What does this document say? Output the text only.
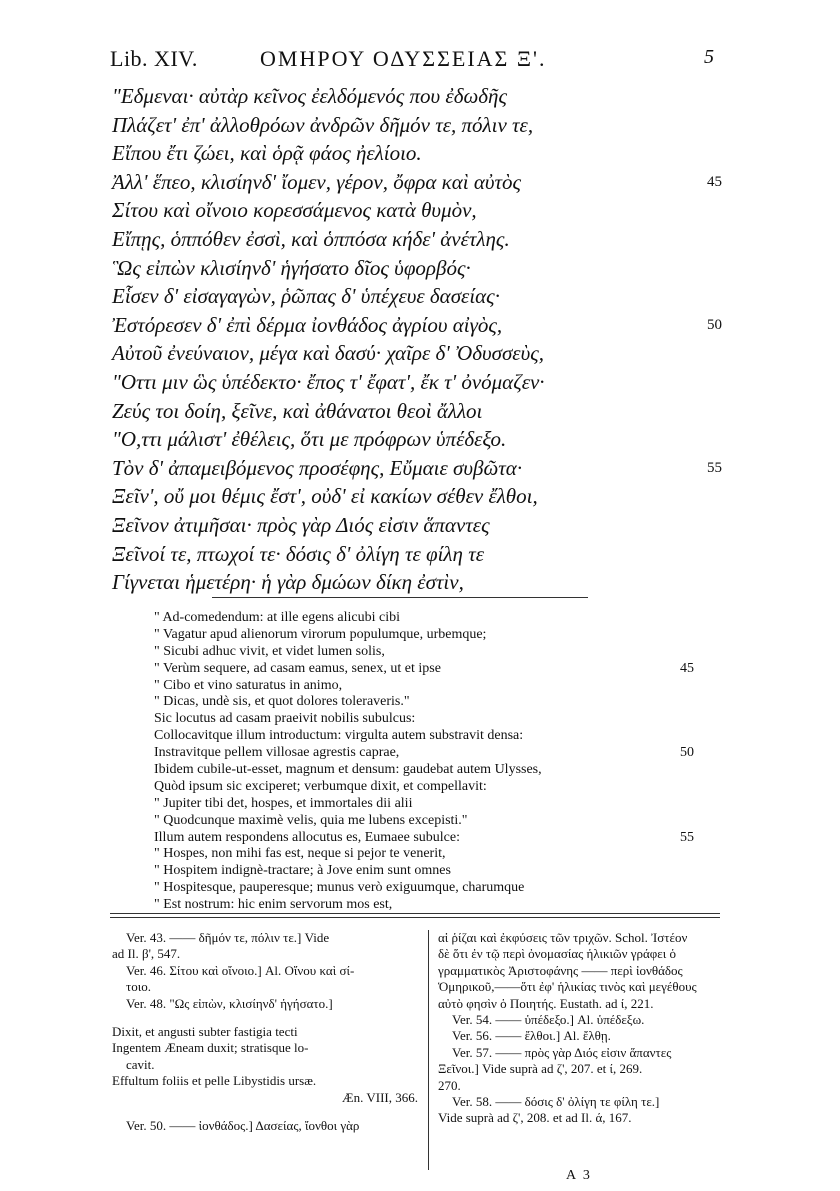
Lib. XIV.	ΟΜΗΡΟΥ ΟΔΥΣΣΕΙΑΣ Ξ'.	5
"Εδμεναι· αὐτὰρ κεῖνος ἐελδόμενός που ἐδωδῆς
Πλάζετ' ἐπ' ἀλλοθρόων ἀνδρῶν δῆμόν τε, πόλιν τε,
Εἴπου ἔτι ζώει, καὶ ὁρᾷ φάος ἠελίοιο.
Ἀλλ' ἕπεο, κλισίηνδ' ἴομεν, γέρον, ὄφρα καὶ αὐτὸς	45
Σίτου καὶ οἴνοιο κορεσσάμενος κατὰ θυμὸν,
Εἴπῃς, ὁππόθεν ἐσσὶ, καὶ ὁππόσα κήδε' ἀνέτλης.
Ὣς εἰπὼν κλισίηνδ' ἡγήσατο δῖος ὑφορβός·
Εἷσεν δ' εἰσαγαγὼν, ῥῶπας δ' ὑπέχευε δασείας·
Ἐστόρεσεν δ' ἐπὶ δέρμα ἰονθάδος ἀγρίου αἰγὸς,	50
Αὐτοῦ ἐνεύναιον, μέγα καὶ δασύ· χαῖρε δ' Ὀδυσσεὺς,
"Οττι μιν ὣς ὑπέδεκτο· ἔπος τ' ἔφατ', ἔκ τ' ὀνόμαζεν·
Ζεύς τοι δοίη, ξεῖνε, καὶ ἀθάνατοι θεοὶ ἄλλοι
"Ο,ττι μάλιστ' ἐθέλεις, ὅτι με πρόφρων ὑπέδεξο.
Τὸν δ' ἀπαμειβόμενος προσέφης, Εὔμαιε συβῶτα·	55
Ξεῖν', οὔ μοι θέμις ἔστ', οὐδ' εἰ κακίων σέθεν ἔλθοι,
Ξεῖνον ἀτιμῆσαι· πρὸς γὰρ Διός εἰσιν ἅπαντες
Ξεῖνοί τε, πτωχοί τε· δόσις δ' ὀλίγη τε φίλη τε
Γίγνεται ἡμετέρη· ἡ γὰρ δμώων δίκη ἐστὶν,
" Ad-comedendum: at ille egens alicubi cibi
" Vagatur apud alienorum virorum populumque, urbemque;
" Sicubi adhuc vivit, et videt lumen solis,
" Verùm sequere, ad casam eamus, senex, ut et ipse	45
" Cibo et vino saturatus in animo,
" Dicas, undè sis, et quot dolores toleraveris."
Sic locutus ad casam praeivit nobilis subulcus:
Collocavitque illum introductum: virgulta autem substravit densa:
Instravitque pellem villosae agrestis caprae,	50
Ibidem cubile-ut-esset, magnum et densum: gaudebat autem Ulysses,
Quòd ipsum sic exciperet; verbumque dixit, et compellavit:
" Jupiter tibi det, hospes, et immortales dii alii
" Quodcunque maximè velis, quia me lubens excepisti."
Illum autem respondens allocutus es, Eumaee subulce:	55
" Hospes, non mihi fas est, neque si pejor te venerit,
" Hospitem indignè-tractare; à Jove enim sunt omnes
" Hospitesque, pauperesque; munus verò exiguumque, charumque
" Est nostrum: hic enim servorum mos est,
Ver. 43. —— δῆμόν τε, πόλιν τε.] Vide
ad Il. β', 547.
Ver. 46. Σίτου καὶ οἴνοιο.] Al. Οἴνου καὶ σί-
τοιο.
Ver. 48. "Ως εἰπὼν, κλισίηνδ' ἡγήσατο.]
Dixit, et angusti subter fastigia tecti
Ingentem Æneam duxit; stratisque lo-
cavit.
Effultum foliis et pelle Libystidis ursæ.
Æn. VIII, 366.
Ver. 50. —— ἰονθάδος.] Δασείας, ἴονθοι γὰρ
αἱ ῥίζαι καὶ ἐκφύσεις τῶν τριχῶν. Schol. Ἰστέον
δὲ ὅτι ἐν τῷ περὶ ὀνομασίας ἡλικιῶν γράφει ὁ
γραμματικὸς Ἀριστοφάνης —— περὶ ἰονθάδος
Ὁμηρικοῦ,——ὅτι ἐφ' ἡλικίας τινὸς καὶ μεγέθους
αὐτὸ φησὶν ὁ Ποιητής. Eustath. ad ί, 221.
Ver. 54. —— ὑπέδεξο.] Al. ὑπέδεξω.
Ver. 56. —— ἔλθοι.] Al. ἔλθῃ.
Ver. 57. —— πρὸς γὰρ Διός εἰσιν ἅπαντες
Ξεῖνοι.] Vide suprà ad ζ', 207. et ί, 269.
270.
Ver. 58. —— δόσις δ' ὀλίγη τε φίλη τε.]
Vide suprà ad ζ', 208. et ad Il. ά, 167.
A 3
